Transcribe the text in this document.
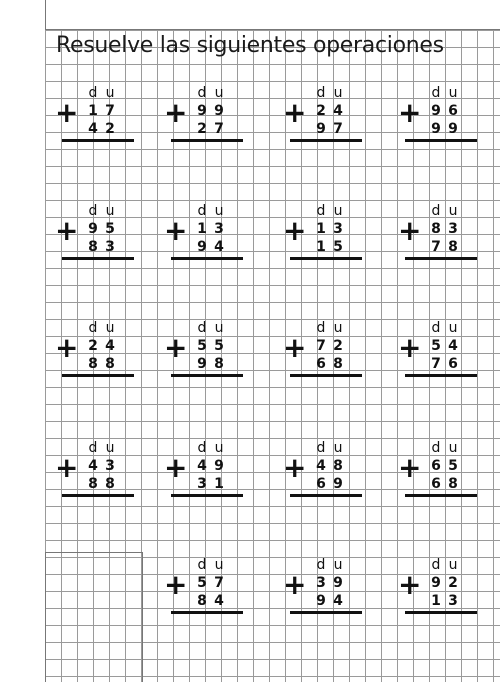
Resuelve las siguientes operaciones
d u
1 7
4 2
+
d u
9 9
2 7
+
d u
2 4
9 7
+
d u
9 6
9 9
+
d u
9 5
8 3
+
d u
1 3
9 4
+
d u
1 3
1 5
+
d u
8 3
7 8
+
d u
2 4
8 8
+
d u
5 5
9 8
+
d u
7 2
6 8
+
d u
5 4
7 6
+
d u
4 3
8 8
+
d u
4 9
3 1
+
d u
4 8
6 9
+
d u
6 5
6 8
+
d u
5 7
8 4
+
d u
3 9
9 4
+
d u
9 2
1 3
+
